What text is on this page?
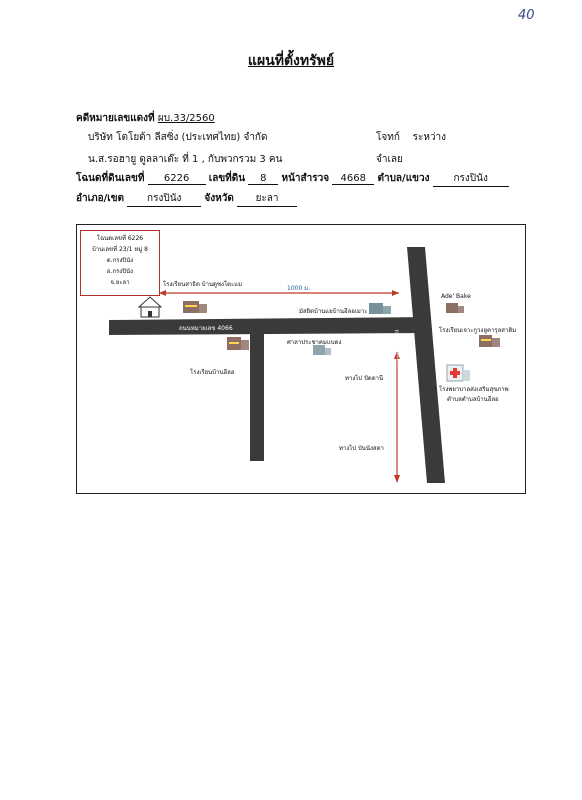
40
แผนที่ตั้งทรัพย์
คดีหมายเลขแดงที่ ผบ.33/2560
บริษัท โตโยต้า ลีสซิ่ง (ประเทศไทย) จำกัด	โจทก์ ระหว่าง
น.ส.รอฮายู ดูลลาเต๊ะ ที่ 1 , กับพวกรวม 3 คน	จำเลย
โฉนดที่ดินเลขที่ 6226 เลขที่ดิน 8 หน้าสำรวจ 4668 ตำบล/แขวง กรงปินัง
อำเภอ/เขต กรงปินัง จังหวัด ยะลา
โฉนดเลขที่ 6226
บ้านเลขที่ 23/1 หมู่ 8
ต.กรงปินัง
อ.กรงปินัง
จ.ยะลา	โรงเรียนสาธิต บ้านดูซงโตะแม
1000 ม.
Ade' Bake
มัสยิดบ้านแยบ้านอีลอเมาะ
ถนนหมายเลข 4066
ถนนหมายเลข 410	โรงเรียนเจาะกูวงฮูคารุลสาติม
ศาลาประชาคมแบดง
โรงเรียนบ้านอีลอ
ทางไป ปัตตานี
โรงพยาบาลส่งเสริมสุขภาพ
ตำบลตำบลบ้านอีลอ
ทางไป บันนังสตา
